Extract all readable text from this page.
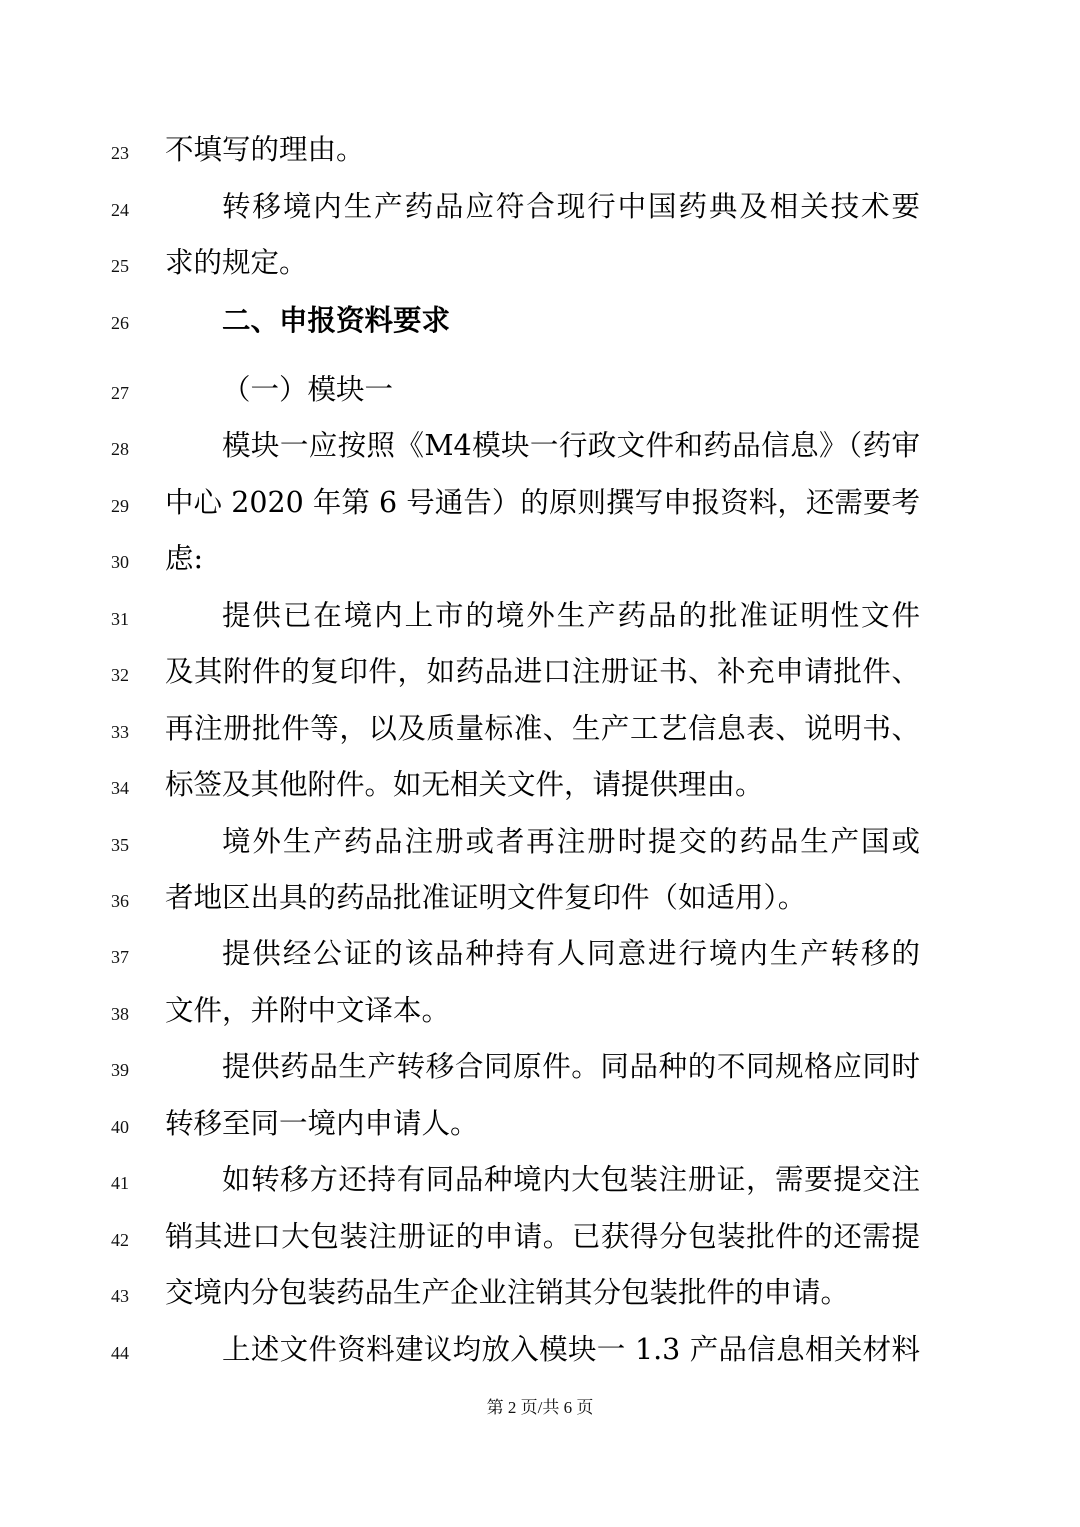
23	不填写的理由。
24	转移境内生产药品应符合现行中国药典及相关技术要
25	求的规定。
26	二、申报资料要求
27	（一）模块一
28	模块一应按照《M4模块一行政文件和药品信息》（药审
29	中心 2020 年第 6 号通告）的原则撰写申报资料，还需要考
30	虑:
31	提供已在境内上市的境外生产药品的批准证明性文件
32	及其附件的复印件，如药品进口注册证书、补充申请批件、
33	再注册批件等，以及质量标准、生产工艺信息表、说明书、
34	标签及其他附件。如无相关文件，请提供理由。
35	境外生产药品注册或者再注册时提交的药品生产国或
36	者地区出具的药品批准证明文件复印件（如适用）。
37	提供经公证的该品种持有人同意进行境内生产转移的
38	文件，并附中文译本。
39	提供药品生产转移合同原件。同品种的不同规格应同时
40	转移至同一境内申请人。
41	如转移方还持有同品种境内大包装注册证，需要提交注
42	销其进口大包装注册证的申请。已获得分包装批件的还需提
43	交境内分包装药品生产企业注销其分包装批件的申请。
44	上述文件资料建议均放入模块一 1.3 产品信息相关材料
第 2 页/共 6 页
